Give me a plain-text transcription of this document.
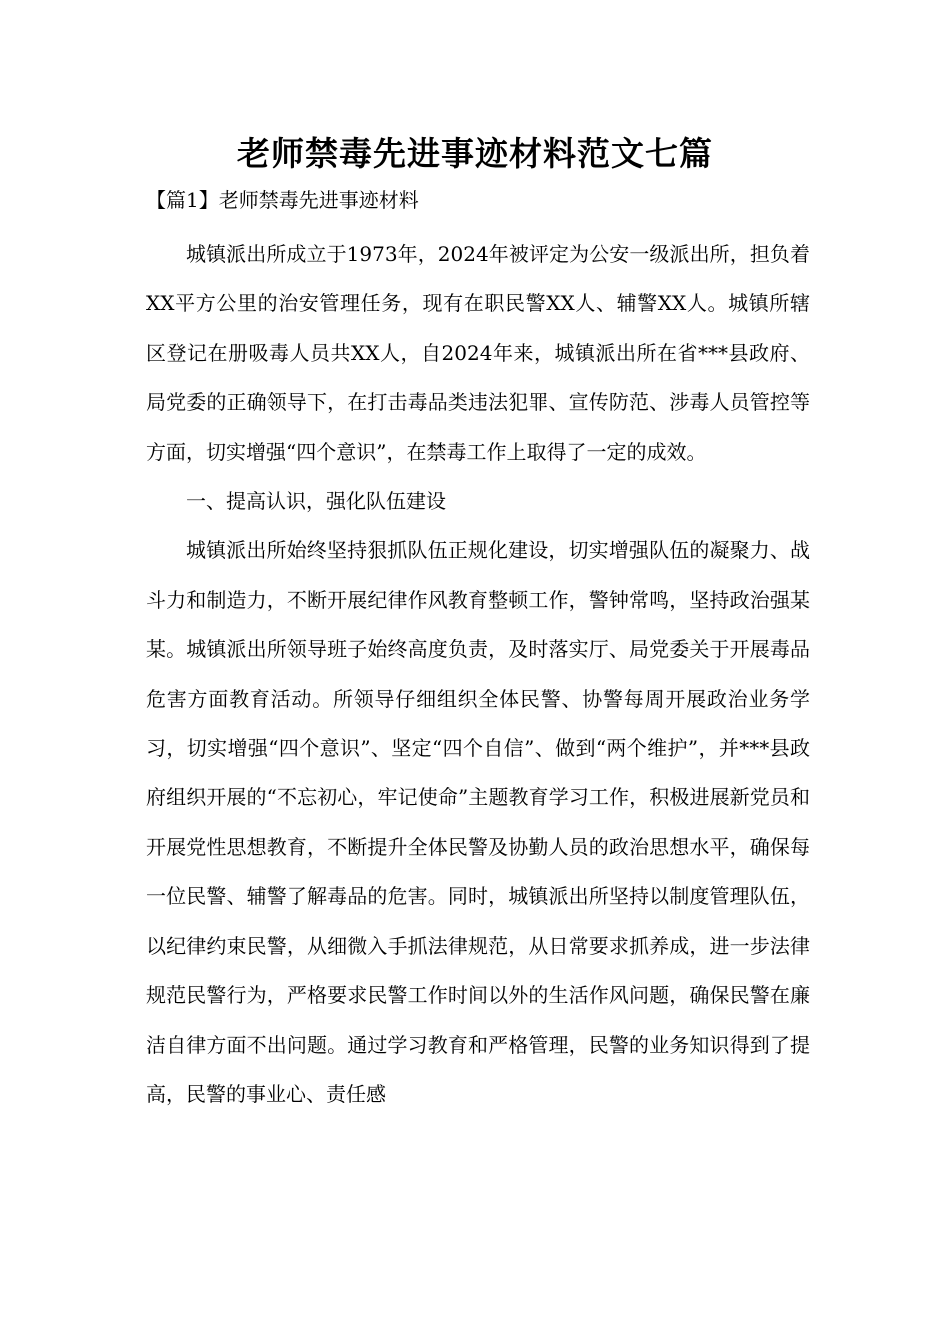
老师禁毒先进事迹材料范文七篇

【篇1】老师禁毒先进事迹材料

城镇派出所成立于1973年，2024年被评定为公安一级派出所，担负着XX平方公里的治安管理任务，现有在职民警XX人、辅警XX人。城镇所辖区登记在册吸毒人员共XX人，自2024年来，城镇派出所在省***县政府、局党委的正确领导下，在打击毒品类违法犯罪、宣传防范、涉毒人员管控等方面，切实增强“四个意识”，在禁毒工作上取得了一定的成效。

一、提高认识，强化队伍建设

城镇派出所始终坚持狠抓队伍正规化建设，切实增强队伍的凝聚力、战斗力和制造力，不断开展纪律作风教育整顿工作，警钟常鸣，坚持政治强某某。城镇派出所领导班子始终高度负责，及时落实厅、局党委关于开展毒品危害方面教育活动。所领导仔细组织全体民警、协警每周开展政治业务学习，切实增强“四个意识”、坚定“四个自信”、做到“两个维护”，并***县政府组织开展的“不忘初心，牢记使命”主题教育学习工作，积极进展新党员和开展党性思想教育，不断提升全体民警及协勤人员的政治思想水平，确保每一位民警、辅警了解毒品的危害。同时，城镇派出所坚持以制度管理队伍，以纪律约束民警，从细微入手抓法律规范，从日常要求抓养成，进一步法律规范民警行为，严格要求民警工作时间以外的生活作风问题，确保民警在廉洁自律方面不出问题。通过学习教育和严格管理，民警的业务知识得到了提高，民警的事业心、责任感
